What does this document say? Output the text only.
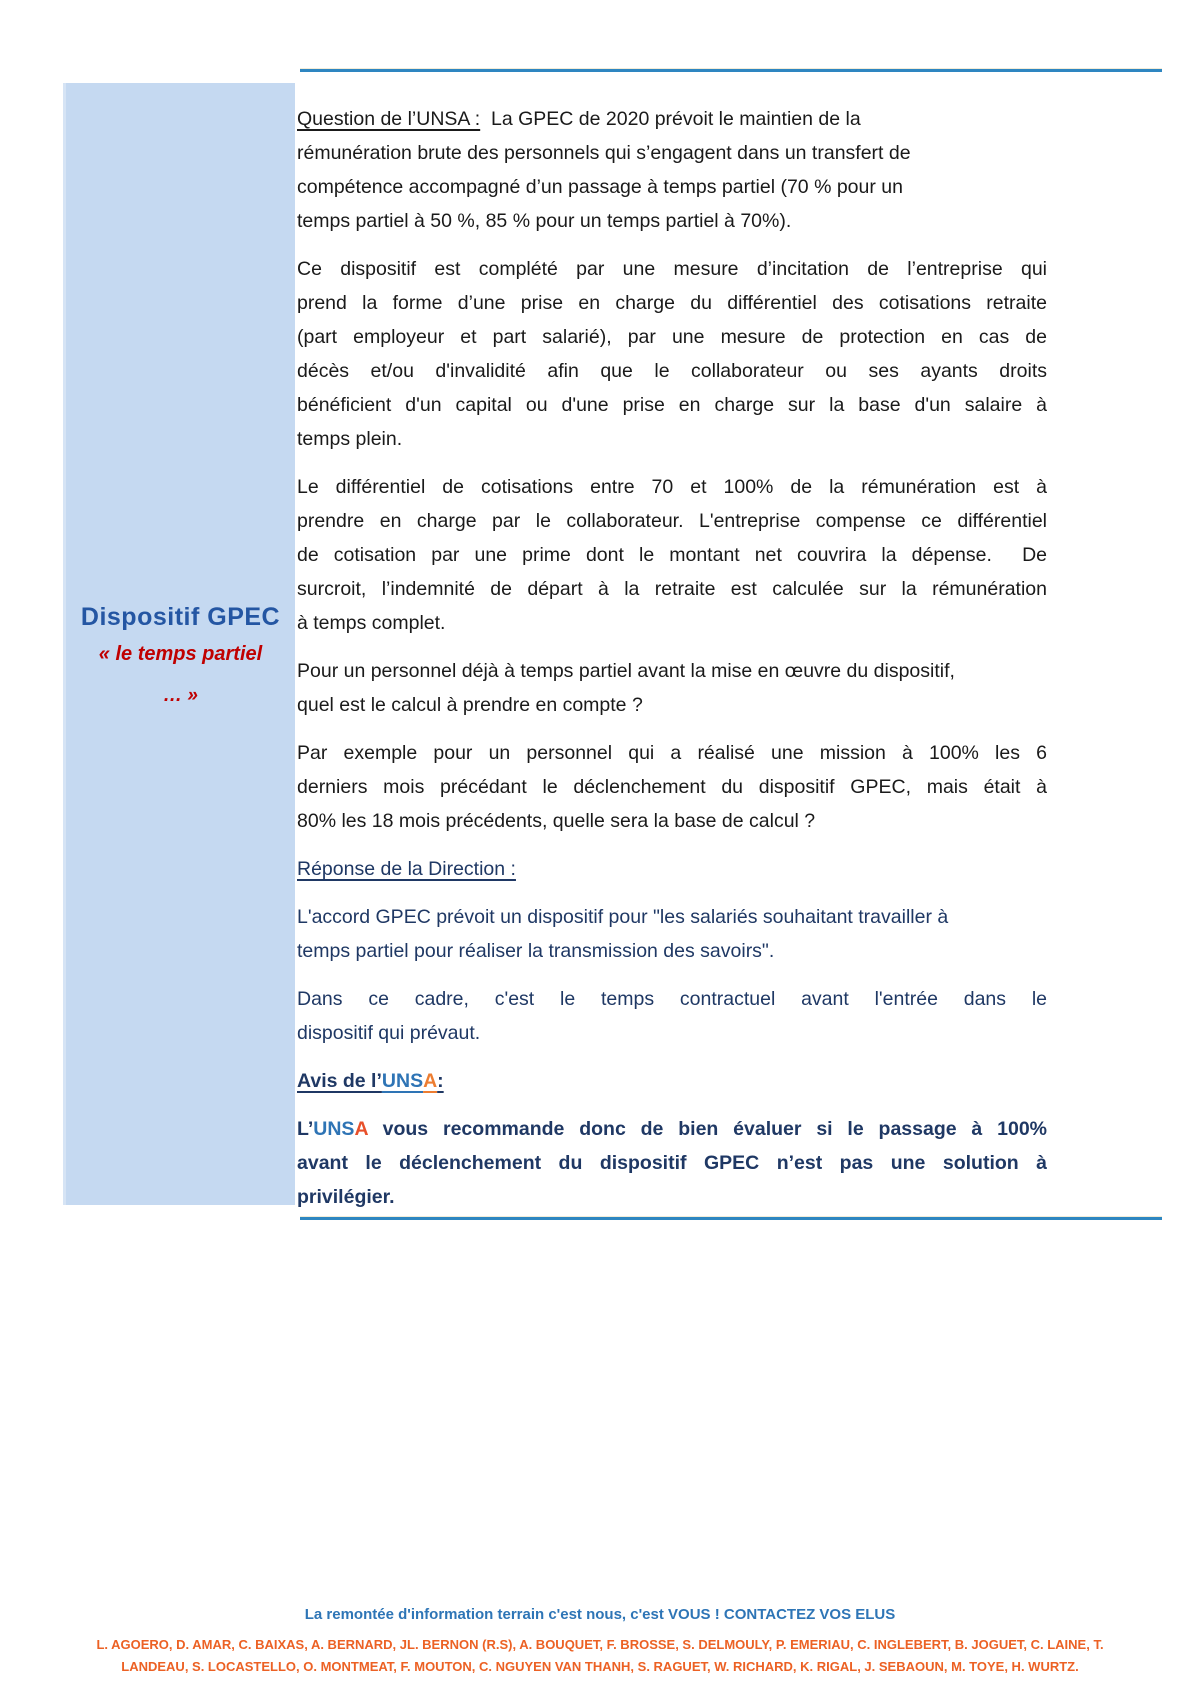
Dispositif GPEC
« le temps partiel
… »
Question de l’UNSA :  La GPEC de 2020 prévoit le maintien de la
rémunération brute des personnels qui s’engagent dans un transfert de
compétence accompagné d’un passage à temps partiel (70 % pour un
temps partiel à 50 %, 85 % pour un temps partiel à 70%).
Ce dispositif est complété par une mesure d’incitation de l’entreprise qui
prend la forme d’une prise en charge du différentiel des cotisations retraite
(part employeur et part salarié), par une mesure de protection en cas de
décès et/ou d'invalidité afin que le collaborateur ou ses ayants droits
bénéficient d'un capital ou d'une prise en charge sur la base d'un salaire à
temps plein.
Le différentiel de cotisations entre 70 et 100% de la rémunération est à
prendre en charge par le collaborateur. L'entreprise compense ce différentiel
de cotisation par une prime dont le montant net couvrira la dépense.  De
surcroit, l’indemnité de départ à la retraite est calculée sur la rémunération
à temps complet.
Pour un personnel déjà à temps partiel avant la mise en œuvre du dispositif,
quel est le calcul à prendre en compte ?
Par exemple pour un personnel qui a réalisé une mission à 100% les 6
derniers mois précédant le déclenchement du dispositif GPEC, mais était à
80% les 18 mois précédents, quelle sera la base de calcul ?
Réponse de la Direction :
L'accord GPEC prévoit un dispositif pour "les salariés souhaitant travailler à
temps partiel pour réaliser la transmission des savoirs".
Dans ce cadre, c'est le temps contractuel avant l'entrée dans le
dispositif qui prévaut.
Avis de l’UNSA:
L’UNSA vous recommande donc de bien évaluer si le passage à 100%
avant le déclenchement du dispositif GPEC n’est pas une solution à
privilégier.
La remontée d'information terrain c'est nous, c'est VOUS ! CONTACTEZ VOS ELUS
L. AGOERO, D. AMAR, C. BAIXAS, A. BERNARD, JL. BERNON (R.S), A. BOUQUET, F. BROSSE, S. DELMOULY, P. EMERIAU, C. INGLEBERT, B. JOGUET, C. LAINE, T.
LANDEAU, S. LOCASTELLO, O. MONTMEAT, F. MOUTON, C. NGUYEN VAN THANH, S. RAGUET, W. RICHARD, K. RIGAL, J. SEBAOUN, M. TOYE, H. WURTZ.
